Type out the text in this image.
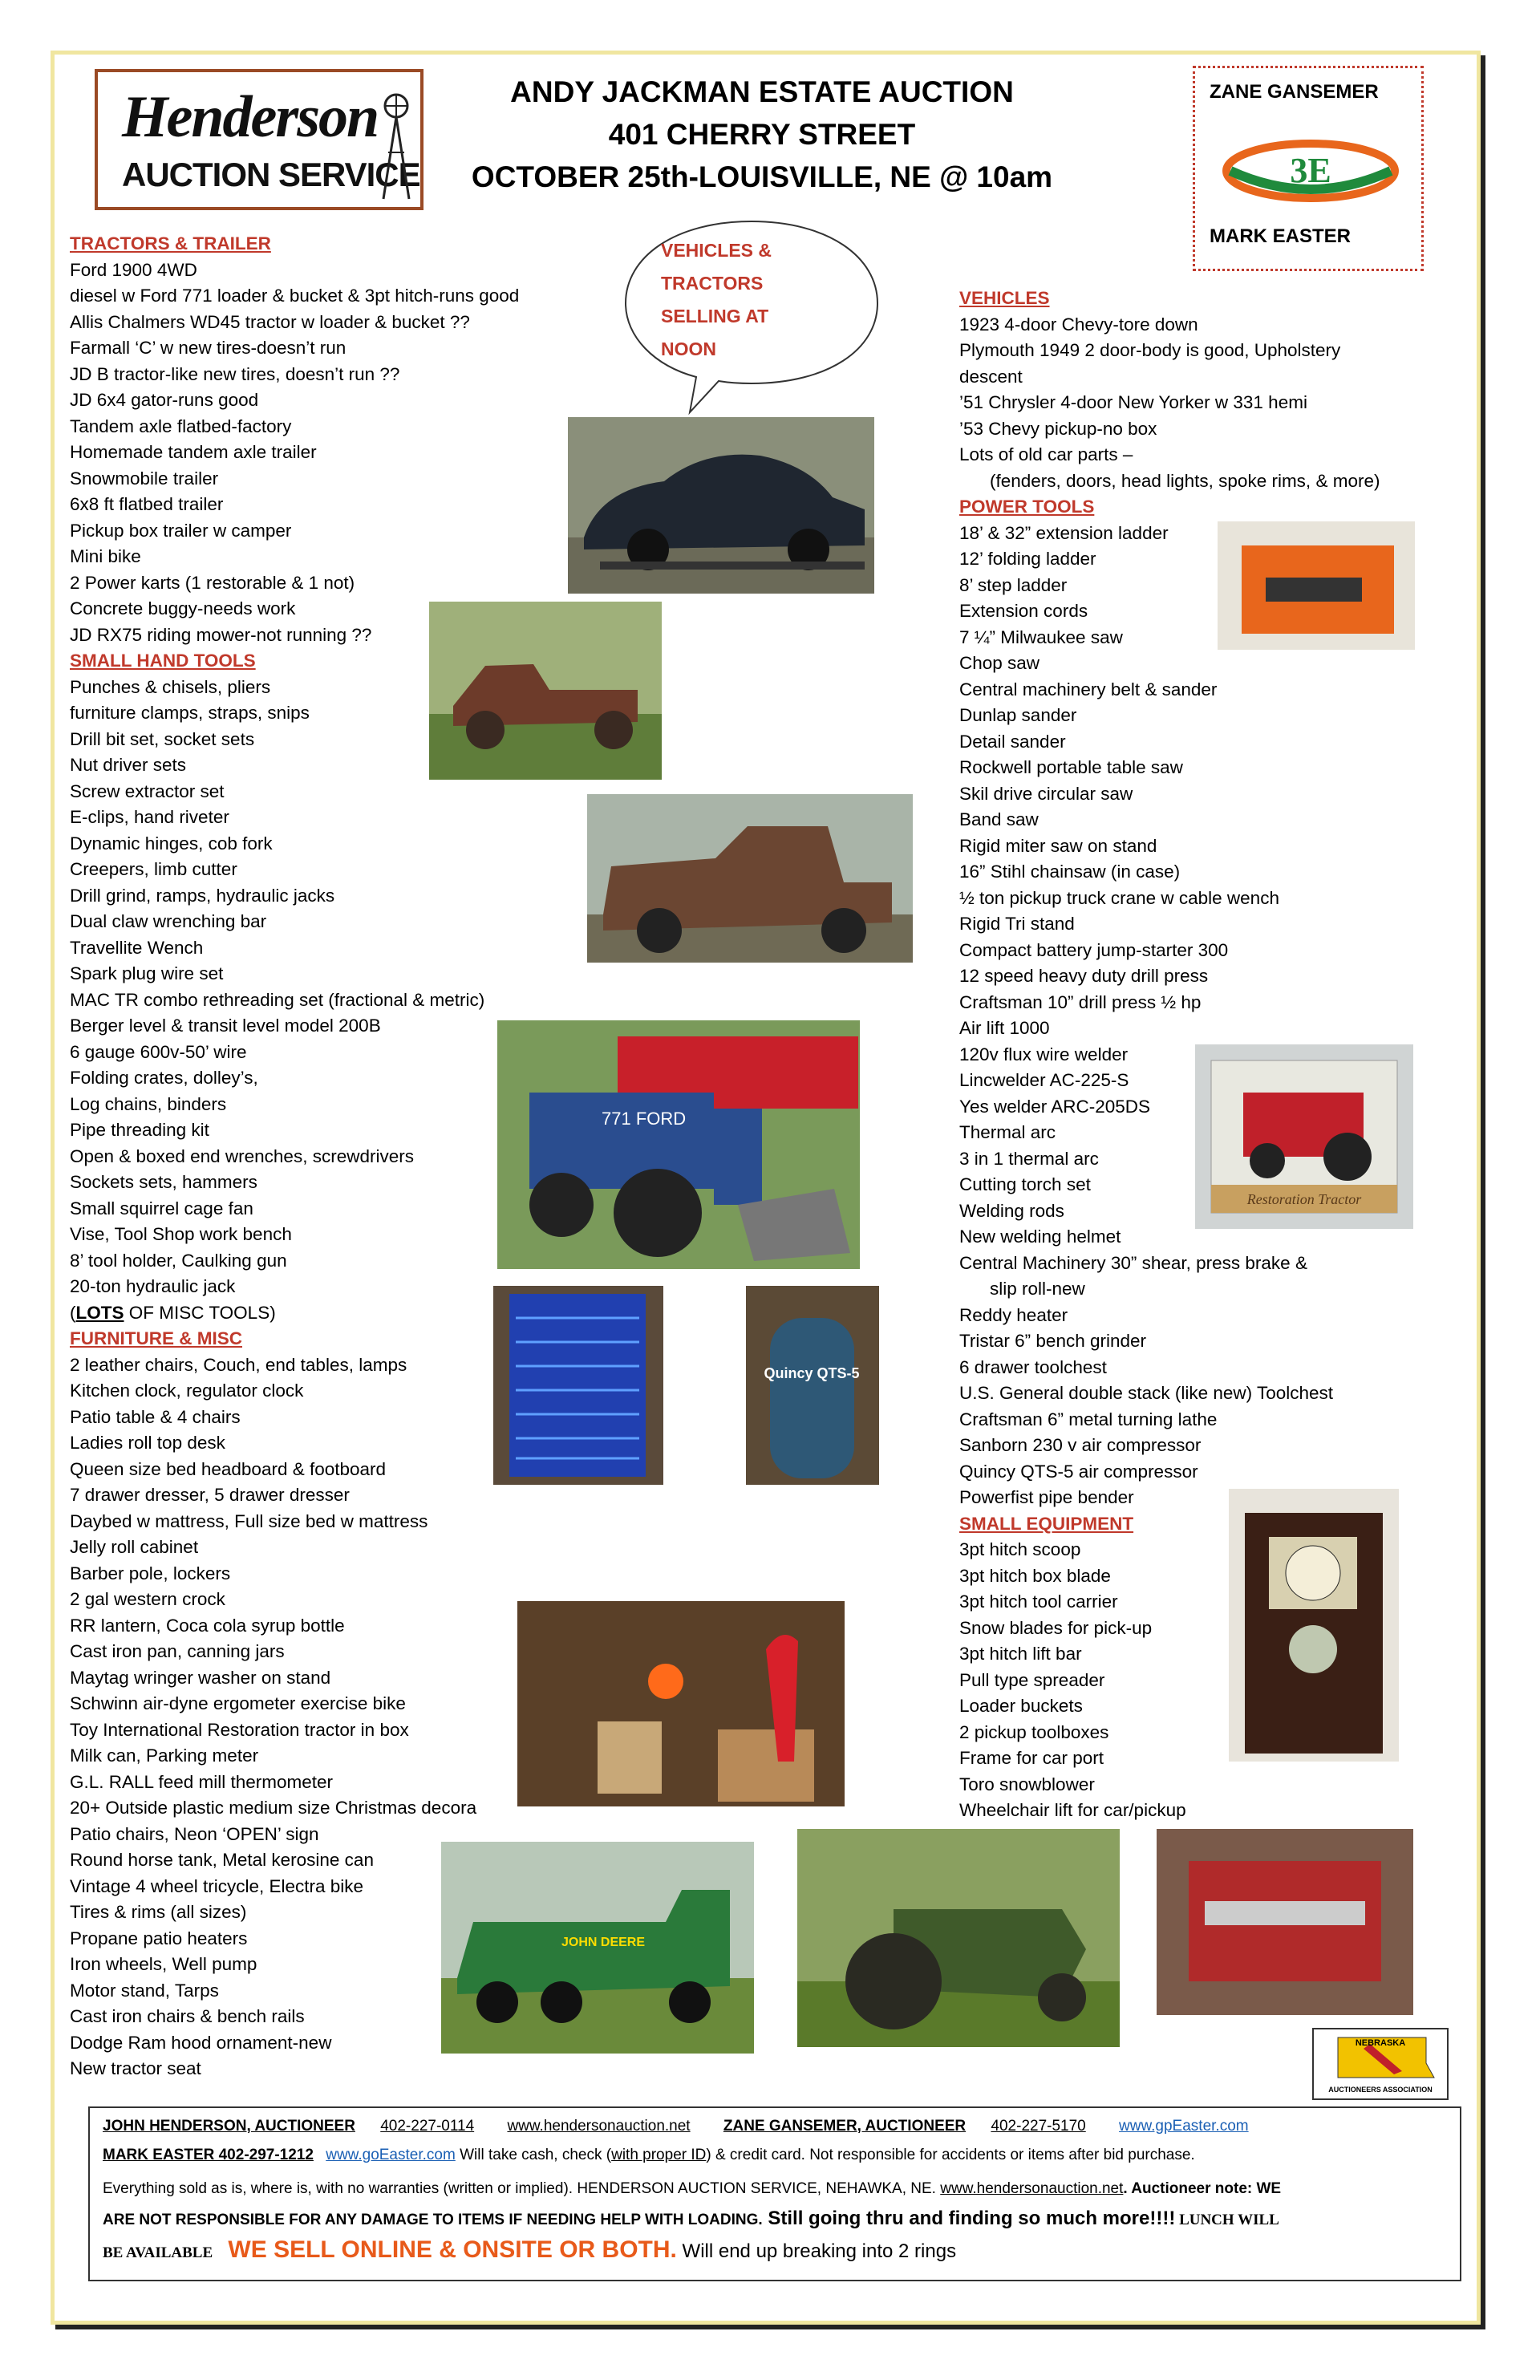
Henderson
AUCTION SERVICE
ANDY JACKMAN ESTATE AUCTION
401 CHERRY STREET
OCTOBER 25th-LOUISVILLE, NE @ 10am
ZANE GANSEMER
3E
MARK EASTER
VEHICLES &
TRACTORS
SELLING AT
NOON
TRACTORS & TRAILER
Ford 1900 4WD
diesel w Ford 771 loader & bucket & 3pt hitch-runs good
Allis Chalmers WD45 tractor w loader & bucket ??
Farmall ‘C’ w new tires-doesn’t run
JD B tractor-like new tires, doesn’t run ??
JD 6x4 gator-runs good
Tandem axle flatbed-factory
Homemade tandem axle trailer
Snowmobile trailer
6x8 ft flatbed trailer
Pickup box trailer w camper
Mini bike
2 Power karts (1 restorable & 1 not)
Concrete buggy-needs work
JD RX75 riding mower-not running ??
SMALL HAND TOOLS
Punches & chisels, pliers
furniture clamps, straps, snips
Drill bit set, socket sets
Nut driver sets
Screw extractor set
E-clips, hand riveter
Dynamic hinges, cob fork
Creepers, limb cutter
Drill grind, ramps, hydraulic jacks
Dual claw wrenching bar
Travellite Wench
Spark plug wire set
MAC TR combo rethreading set (fractional & metric)
Berger level & transit level model 200B
6 gauge 600v-50’ wire
Folding crates, dolley’s,
Log chains, binders
Pipe threading kit
Open & boxed end wrenches, screwdrivers
Sockets sets, hammers
Small squirrel cage fan
Vise, Tool Shop work bench
8’ tool holder, Caulking gun
20-ton hydraulic jack
(LOTS OF MISC TOOLS)
FURNITURE & MISC
2 leather chairs, Couch, end tables, lamps
Kitchen clock, regulator clock
Patio table & 4 chairs
Ladies roll top desk
Queen size bed headboard & footboard
7 drawer dresser, 5 drawer dresser
Daybed w mattress, Full size bed w mattress
Jelly roll cabinet
Barber pole, lockers
2 gal western crock
RR lantern, Coca cola syrup bottle
Cast iron pan, canning jars
Maytag wringer washer on stand
Schwinn air-dyne ergometer exercise bike
Toy International Restoration tractor in box
Milk can, Parking meter
G.L. RALL feed mill thermometer
20+ Outside plastic medium size Christmas decora
Patio chairs, Neon ‘OPEN’ sign
Round horse tank, Metal kerosine can
Vintage 4 wheel tricycle, Electra bike
Tires & rims (all sizes)
Propane patio heaters
Iron wheels, Well pump
Motor stand, Tarps
Cast iron chairs & bench rails
Dodge Ram hood ornament-new
New tractor seat
VEHICLES
1923 4-door Chevy-tore down
Plymouth 1949 2 door-body is good, Upholstery
descent
’51 Chrysler 4-door New Yorker w 331 hemi
’53 Chevy pickup-no box
Lots of old car parts –
(fenders, doors, head lights, spoke rims, & more)
POWER TOOLS
18’ & 32” extension ladder
12’ folding ladder
8’ step ladder
Extension cords
7 ¼” Milwaukee saw
Chop saw
Central machinery belt & sander
Dunlap sander
Detail sander
Rockwell portable table saw
Skil drive circular saw
Band saw
Rigid miter saw on stand
16” Stihl chainsaw (in case)
½ ton pickup truck crane w cable wench
Rigid Tri stand
Compact battery jump-starter 300
12 speed heavy duty drill press
Craftsman 10” drill press ½ hp
Air lift 1000
120v flux wire welder
Lincwelder AC-225-S
Yes welder ARC-205DS
Thermal arc
3 in 1 thermal arc
Cutting torch set
Welding rods
New welding helmet
Central Machinery 30” shear, press brake &
slip roll-new
Reddy heater
Tristar 6” bench grinder
6 drawer toolchest
U.S. General double stack (like new) Toolchest
Craftsman 6” metal turning lathe
Sanborn 230 v air compressor
Quincy QTS-5 air compressor
Powerfist pipe bender
SMALL EQUIPMENT
3pt hitch scoop
3pt hitch box blade
3pt hitch tool carrier
Snow blades for pick-up
3pt hitch lift bar
Pull type spreader
Loader buckets
2 pickup toolboxes
Frame for car port
Toro snowblower
Wheelchair lift for car/pickup
771 FORD
Quincy QTS-5
Restoration Tractor
JOHN DEERE
NEBRASKA
AUCTIONEERS ASSOCIATION
JOHN HENDERSON, AUCTIONEER 402-227-0114 www.hendersonauction.net ZANE GANSEMER, AUCTIONEER 402-227-5170 www.gpEaster.com
MARK EASTER 402-297-1212 www.goEaster.com Will take cash, check (with proper ID) & credit card. Not responsible for accidents or items after bid purchase.
Everything sold as is, where is, with no warranties (written or implied). HENDERSON AUCTION SERVICE, NEHAWKA, NE. www.hendersonauction.net. Auctioneer note: WE
ARE NOT RESPONSIBLE FOR ANY DAMAGE TO ITEMS IF NEEDING HELP WITH LOADING. Still going thru and finding so much more!!!! LUNCH WILL
BE AVAILABLE WE SELL ONLINE & ONSITE OR BOTH. Will end up breaking into 2 rings
